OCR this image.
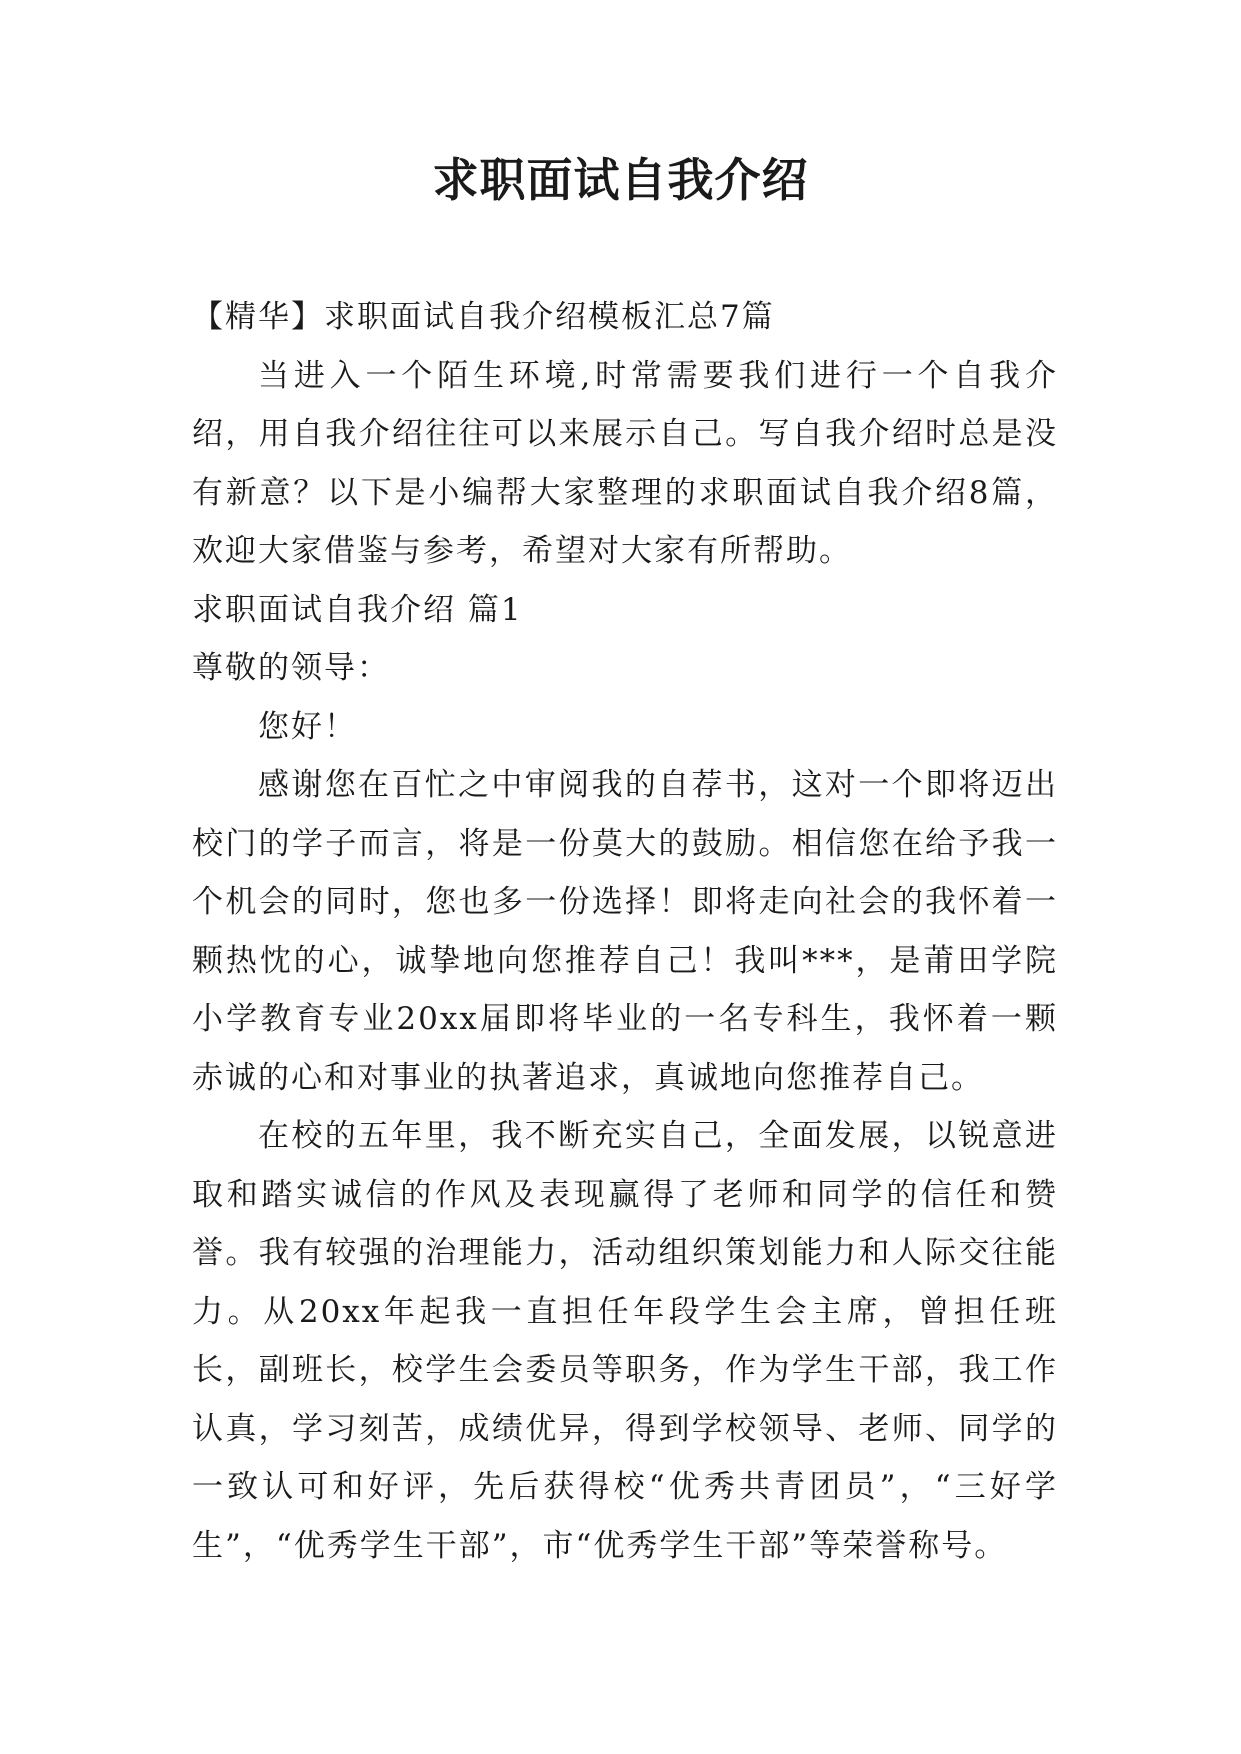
求职面试自我介绍

【精华】求职面试自我介绍模板汇总7篇

当进入一个陌生环境,时常需要我们进行一个自我介绍，用自我介绍往往可以来展示自己。写自我介绍时总是没有新意？以下是小编帮大家整理的求职面试自我介绍8篇，欢迎大家借鉴与参考，希望对大家有所帮助。

求职面试自我介绍 篇1

尊敬的领导：

您好！

感谢您在百忙之中审阅我的自荐书，这对一个即将迈出校门的学子而言，将是一份莫大的鼓励。相信您在给予我一个机会的同时，您也多一份选择！即将走向社会的我怀着一颗热忱的心，诚挚地向您推荐自己！我叫***，是莆田学院小学教育专业20xx届即将毕业的一名专科生，我怀着一颗赤诚的心和对事业的执著追求，真诚地向您推荐自己。

在校的五年里，我不断充实自己，全面发展，以锐意进取和踏实诚信的作风及表现赢得了老师和同学的信任和赞誉。我有较强的治理能力，活动组织策划能力和人际交往能力。从20xx年起我一直担任年段学生会主席，曾担任班长，副班长，校学生会委员等职务，作为学生干部，我工作认真，学习刻苦，成绩优异，得到学校领导、老师、同学的一致认可和好评，先后获得校“优秀共青团员”，“三好学生”，“优秀学生干部”，市“优秀学生干部”等荣誉称号。
